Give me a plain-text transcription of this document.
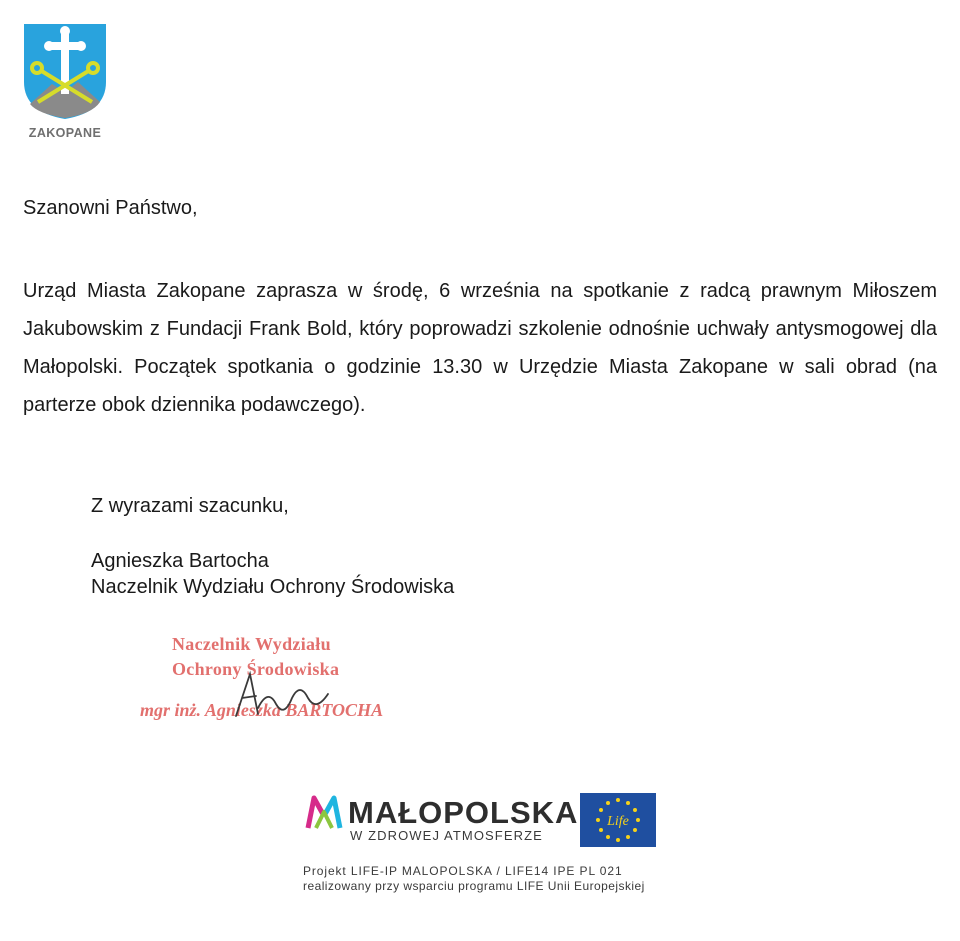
ZAKOPANE
Szanowni Państwo,
Urząd Miasta Zakopane zaprasza w środę, 6 września na spotkanie z radcą prawnym Miłoszem Jakubowskim z Fundacji Frank Bold, który poprowadzi szkolenie odnośnie uchwały antysmogowej dla Małopolski. Początek spotkania o godzinie 13.30 w Urzędzie Miasta Zakopane w sali obrad (na parterze obok dziennika podawczego).
Z wyrazami szacunku,
Agnieszka Bartocha
Naczelnik Wydziału Ochrony Środowiska
Naczelnik Wydziału
Ochrony Środowiska
mgr inż. Agnieszka BARTOCHA
MAŁOPOLSKA
W ZDROWEJ ATMOSFERZE
Life
Projekt LIFE-IP MALOPOLSKA / LIFE14 IPE PL 021
realizowany przy wsparciu programu LIFE Unii Europejskiej
